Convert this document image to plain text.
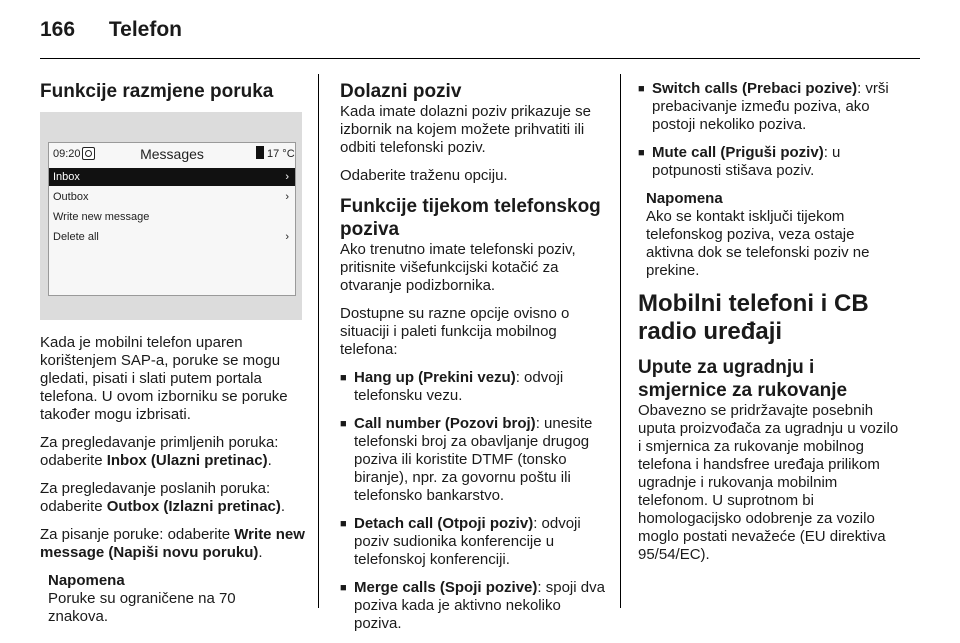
166 Telefon
Funkcije razmjene poruka
09:20	Messages	17 °C
Inbox	›
Outbox	›
Write new message
Delete all	›

Kada je mobilni telefon uparen korištenjem SAP-a, poruke se mogu gledati, pisati i slati putem portala telefona. U ovom izborniku se poruke također mogu izbrisati.

Za pregledavanje primljenih poruka: odaberite Inbox (Ulazni pretinac).

Za pregledavanje poslanih poruka: odaberite Outbox (Izlazni pretinac).

Za pisanje poruke: odaberite Write new message (Napiši novu poruku).

Napomena
Poruke su ograničene na 70 znakova.
Dolazni poziv

Kada imate dolazni poziv prikazuje se izbornik na kojem možete prihvatiti ili odbiti telefonski poziv.

Odaberite traženu opciju.

Funkcije tijekom telefonskog poziva

Ako trenutno imate telefonski poziv, pritisnite višefunkcijski kotačić za otvaranje podizbornika.

Dostupne su razne opcije ovisno o situaciji i paleti funkcija mobilnog telefona:

■ Hang up (Prekini vezu): odvoji telefonsku vezu.
■ Call number (Pozovi broj): unesite telefonski broj za obavljanje drugog poziva ili koristite DTMF (tonsko biranje), npr. za govornu poštu ili telefonsko bankarstvo.
■ Detach call (Otpoji poziv): odvoji poziv sudionika konferencije u telefonskoj konferenciji.
■ Merge calls (Spoji pozive): spoji dva poziva kada je aktivno nekoliko poziva.
■ Switch calls (Prebaci pozive): vrši prebacivanje između poziva, ako postoji nekoliko poziva.
■ Mute call (Priguši poziv): u potpunosti stišava poziv.
Napomena
Ako se kontakt isključi tijekom telefonskog poziva, veza ostaje aktivna dok se telefonski poziv ne prekine.
Mobilni telefoni i CB radio uređaji
Upute za ugradnju i smjernice za rukovanje

Obavezno se pridržavajte posebnih uputa proizvođača za ugradnju u vozilo i smjernica za rukovanje mobilnog telefona i handsfree uređaja prilikom ugradnje i rukovanja mobilnim telefonom. U suprotnom bi homologacijsko odobrenje za vozilo moglo postati nevažeće (EU direktiva 95/54/EC).
